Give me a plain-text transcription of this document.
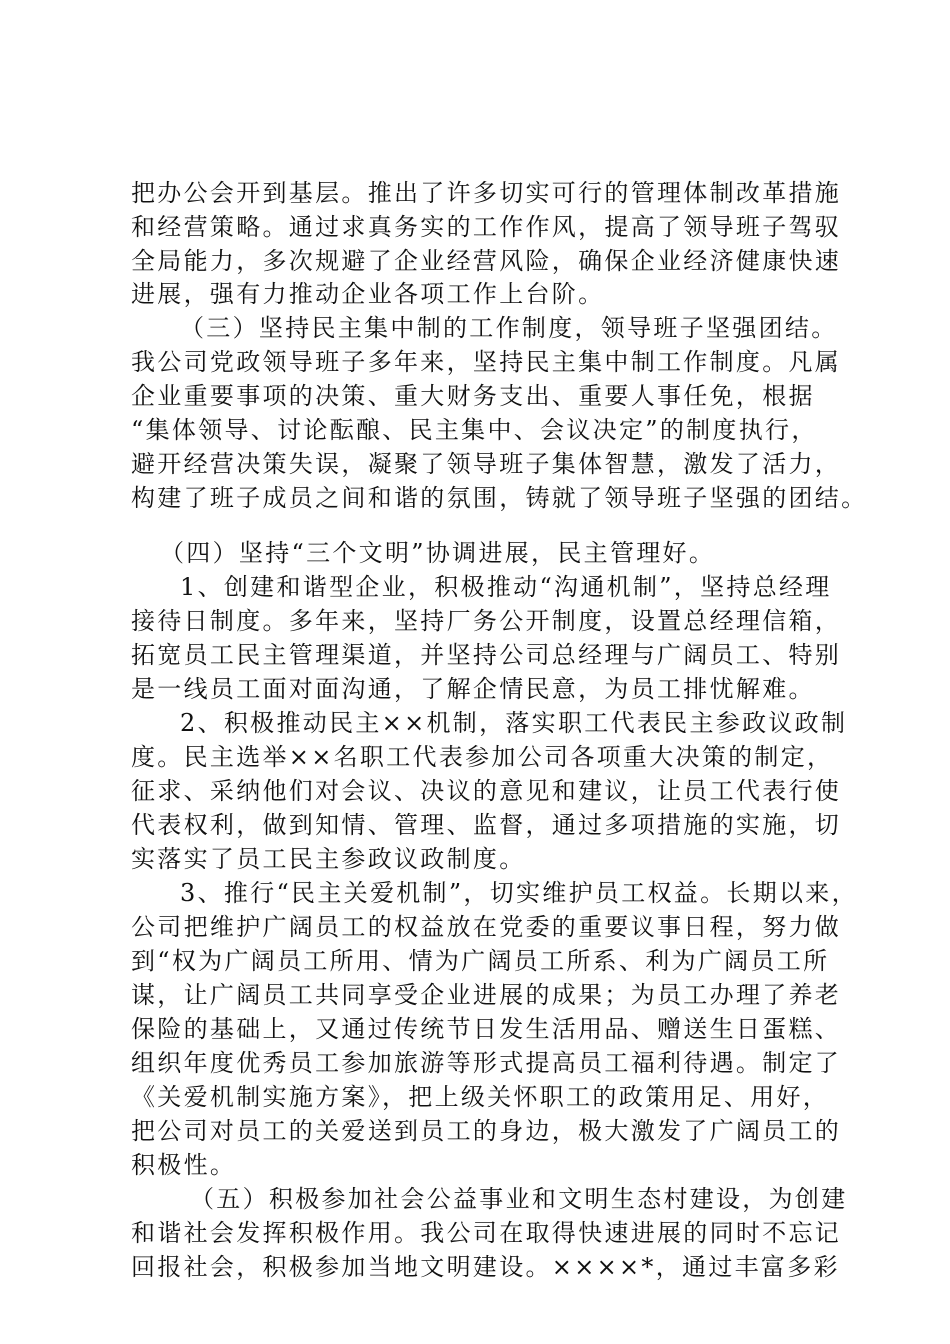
把办公会开到基层。推出了许多切实可行的管理体制改革措施
和经营策略。通过求真务实的工作作风，提高了领导班子驾驭
全局能力，多次规避了企业经营风险，确保企业经济健康快速
进展，强有力推动企业各项工作上台阶。
（三）坚持民主集中制的工作制度，领导班子坚强团结。
我公司党政领导班子多年来，坚持民主集中制工作制度。凡属
企业重要事项的决策、重大财务支出、重要人事任免，根据
“集体领导、讨论酝酿、民主集中、会议决定”的制度执行，
避开经营决策失误，凝聚了领导班子集体智慧，激发了活力，
构建了班子成员之间和谐的氛围，铸就了领导班子坚强的团结。
（四）坚持“三个文明”协调进展，民主管理好。
1、创建和谐型企业，积极推动“沟通机制”，坚持总经理
接待日制度。多年来，坚持厂务公开制度，设置总经理信箱，
拓宽员工民主管理渠道，并坚持公司总经理与广阔员工、特别
是一线员工面对面沟通，了解企情民意，为员工排忧解难。
2、积极推动民主××机制，落实职工代表民主参政议政制
度。民主选举××名职工代表参加公司各项重大决策的制定，
征求、采纳他们对会议、决议的意见和建议，让员工代表行使
代表权利，做到知情、管理、监督，通过多项措施的实施，切
实落实了员工民主参政议政制度。
3、推行“民主关爱机制”，切实维护员工权益。长期以来，
公司把维护广阔员工的权益放在党委的重要议事日程，努力做
到“权为广阔员工所用、情为广阔员工所系、利为广阔员工所
谋，让广阔员工共同享受企业进展的成果；为员工办理了养老
保险的基础上，又通过传统节日发生活用品、赠送生日蛋糕、
组织年度优秀员工参加旅游等形式提高员工福利待遇。制定了
《关爱机制实施方案》，把上级关怀职工的政策用足、用好，
把公司对员工的关爱送到员工的身边，极大激发了广阔员工的
积极性。
（五）积极参加社会公益事业和文明生态村建设，为创建
和谐社会发挥积极作用。我公司在取得快速进展的同时不忘记
回报社会，积极参加当地文明建设。××××*，通过丰富多彩
